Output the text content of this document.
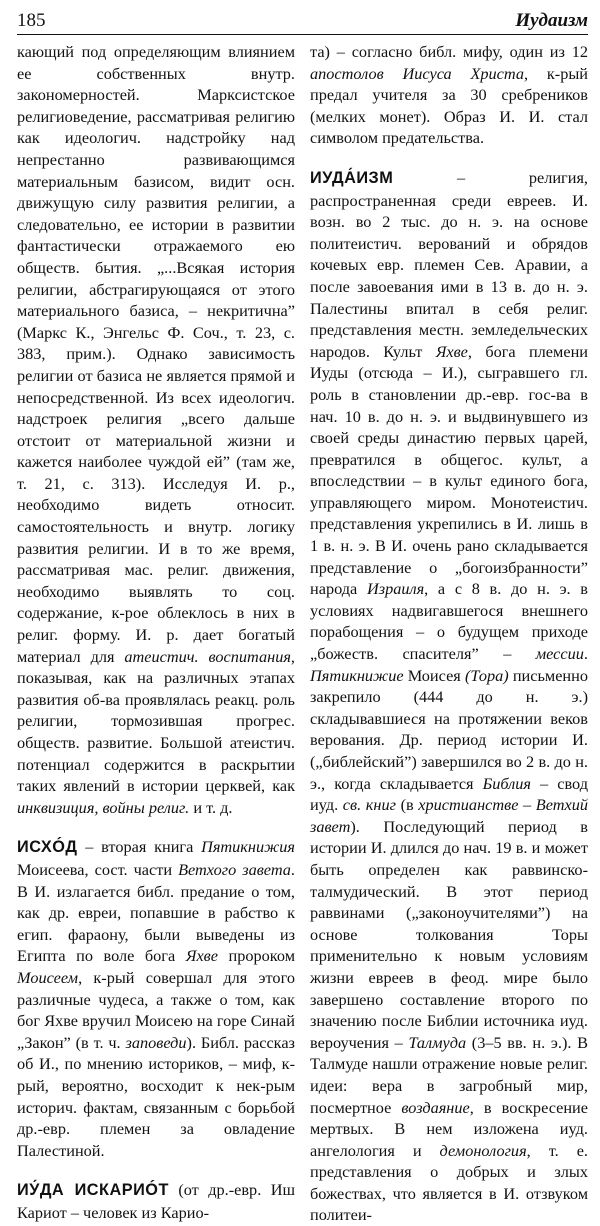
185	Иудаизм

кающий под определяющим влиянием ее собственных внутр. закономерностей. Марксистское религиоведение, рассматривая религию как идеологич. надстройку над непрестанно развивающимся материальным базисом, видит осн. движущую силу развития религии, а следовательно, ее истории в развитии фантастически отражаемого ею обществ. бытия. „...Всякая история религии, абстрагирующаяся от этого материального базиса, – некритична” (Маркс К., Энгельс Ф. Соч., т. 23, с. 383, прим.). Однако зависимость религии от базиса не является прямой и непосредственной. Из всех идеологич. надстроек религия „всего дальше отстоит от материальной жизни и кажется наиболее чуждой ей” (там же, т. 21, с. 313). Исследуя И. р., необходимо видеть относит. самостоятельность и внутр. логику развития религии. И в то же время, рассматривая мас. религ. движения, необходимо выявлять то соц. содержание, к-рое облеклось в них в религ. форму. И. р. дает богатый материал для атеистич. воспитания, показывая, как на различных этапах развития об-ва проявлялась реакц. роль религии, тормозившая прогрес. обществ. развитие. Большой атеистич. потенциал содержится в раскрытии таких явлений в истории церквей, как инквизиция, войны религ. и т. д.

ИСХÓД – вторая книга Пятикнижия Моисеева, сост. части Ветхого завета. В И. излагается библ. предание о том, как др. евреи, попавшие в рабство к егип. фараону, были выведены из Египта по воле бога Яхве пророком Моисеем, к-рый совершал для этого различные чудеса, а также о том, как бог Яхве вручил Моисею на горе Синай „Закон” (в т. ч. заповеди). Библ. рассказ об И., по мнению историков, – миф, к-рый, вероятно, восходит к нек-рым историч. фактам, связанным с борьбой др.-евр. племен за овладение Палестиной.

ИУ́ДА ИСКАРИÓТ (от др.-евр. Иш Кариот – человек из Карио-

та) – согласно библ. мифу, один из 12 апостолов Иисуса Христа, к-рый предал учителя за 30 сребреников (мелких монет). Образ И. И. стал символом предательства.

ИУДА́ИЗМ – религия, распространенная среди евреев. И. возн. во 2 тыс. до н. э. на основе политеистич. верований и обрядов кочевых евр. племен Сев. Аравии, а после завоевания ими в 13 в. до н. э. Палестины впитал в себя религ. представления местн. земледельческих народов. Культ Яхве, бога племени Иуды (отсюда – И.), сыгравшего гл. роль в становлении др.-евр. гос-ва в нач. 10 в. до н. э. и выдвинувшего из своей среды династию первых царей, превратился в общегос. культ, а впоследствии – в культ единого бога, управляющего миром. Монотеистич. представления укрепились в И. лишь в 1 в. н. э. В И. очень рано складывается представление о „богоизбранности” народа Израиля, а с 8 в. до н. э. в условиях надвигавшегося внешнего порабощения – о будущем приходе „божеств. спасителя” – мессии. Пятикнижие Моисея (Тора) письменно закрепило (444 до н. э.) складывавшиеся на протяжении веков верования. Др. период истории И. („библейский”) завершился во 2 в. до н. э., когда складывается Библия – свод иуд. св. книг (в христианстве – Ветхий завет). Последующий период в истории И. длился до нач. 19 в. и может быть определен как раввинско-талмудический. В этот период раввинами („законоучителями”) на основе толкования Торы применительно к новым условиям жизни евреев в феод. мире было завершено составление второго по значению после Библии источника иуд. вероучения – Талмуда (3–5 вв. н. э.). В Талмуде нашли отражение новые религ. идеи: вера в загробный мир, посмертное воздаяние, в воскресение мертвых. В нем изложена иуд. ангелология и демонология, т. е. представления о добрых и злых божествах, что является в И. отзвуком политеи-
